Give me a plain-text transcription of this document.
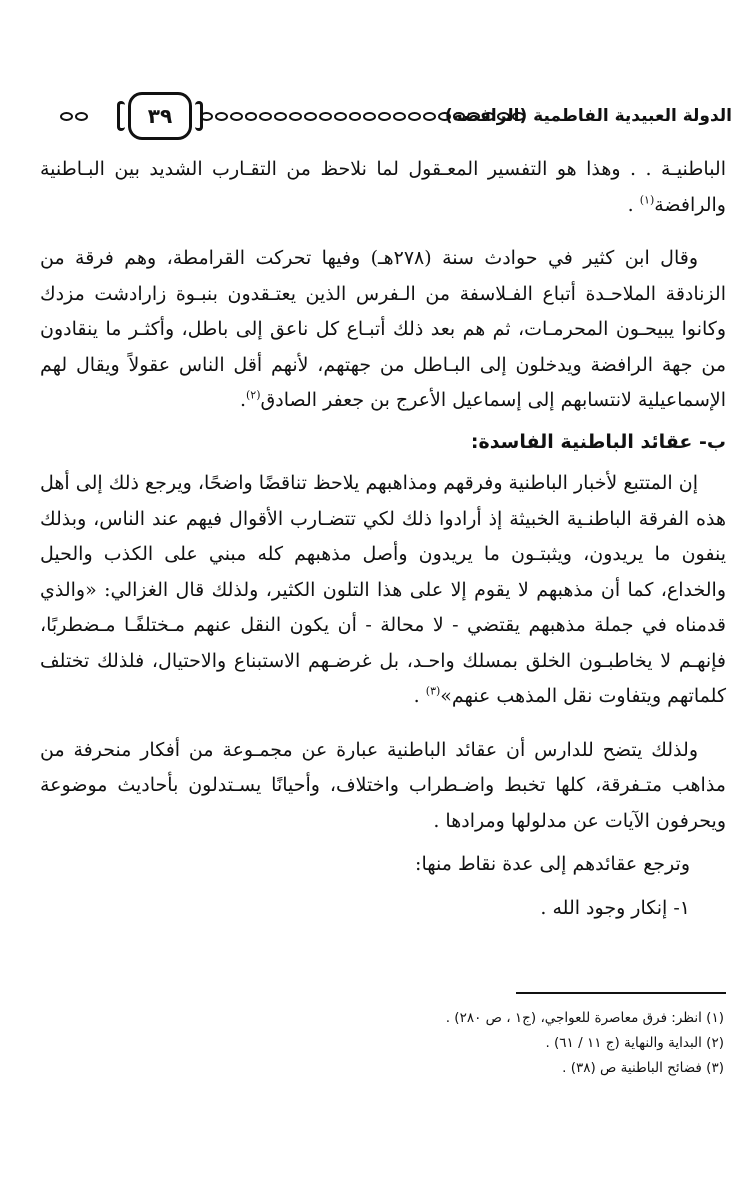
٣٩	الدولة العبيدية الفاطمية (الرافضة)

الباطنيـة . . وهذا هو التفسير المعـقول لما نلاحظ من التقـارب الشديد بين البـاطنية والرافضة$^{(١)}$ .

وقال ابن كثير في حوادث سنة (٢٧٨هـ) وفيها تحركت القرامطة، وهم فرقة من الزنادقة الملاحـدة أتباع الفـلاسفة من الـفرس الذين يعتـقدون بنبـوة زارادشت مزدك وكانوا يبيحـون المحرمـات، ثم هم بعد ذلك أتبـاع كل ناعق إلى باطل، وأكثـر ما ينقادون من جهة الرافضة ويدخلون إلى البـاطل من جهتهم، لأنهم أقل الناس عقولاً ويقال لهم الإسماعيلية لانتسابهم إلى إسماعيل الأعرج بن جعفر الصادق$^{(٢)}$.

ب- عقائد الباطنية الفاسدة:

إن المتتبع لأخبار الباطنية وفرقهم ومذاهبهم يلاحظ تناقضًا واضحًا، ويرجع ذلك إلى أهل هذه الفرقة الباطنـية الخبيثة إذ أرادوا ذلك لكي تتضـارب الأقوال فيهم عند الناس، وبذلك ينفون ما يريدون، ويثبتـون ما يريدون وأصل مذهبهم كله مبني على الكذب والحيل والخداع، كما أن مذهبهم لا يقوم إلا على هذا التلون الكثير، ولذلك قال الغزالي: «والذي قدمناه في جملة مذهبهم يقتضي - لا محالة - أن يكون النقل عنهم مـختلفًـا مـضطربًا، فإنهـم لا يخاطبـون الخلق بمسلك واحـد، بل غرضـهم الاستبناع والاحتيال، فلذلك تختلف كلماتهم ويتفاوت نقل المذهب عنهم»$^{(٣)}$ .

ولذلك يتضح للدارس أن عقائد الباطنية عبارة عن مجمـوعة من أفكار منحرفة من مذاهب متـفرقة، كلها تخبط واضـطراب واختلاف، وأحيانًا يسـتدلون بأحاديث موضوعة ويحرفون الآيات عن مدلولها ومرادها .

وترجع عقائدهم إلى عدة نقاط منها:

١- إنكار وجود الله .

(١) انظر: فرق معاصرة للعواجي، (ج١ ، ص ٢٨٠) .
(٢) البداية والنهاية (ج ١١ / ٦١) .
(٣) فضائح الباطنية ص (٣٨) .
